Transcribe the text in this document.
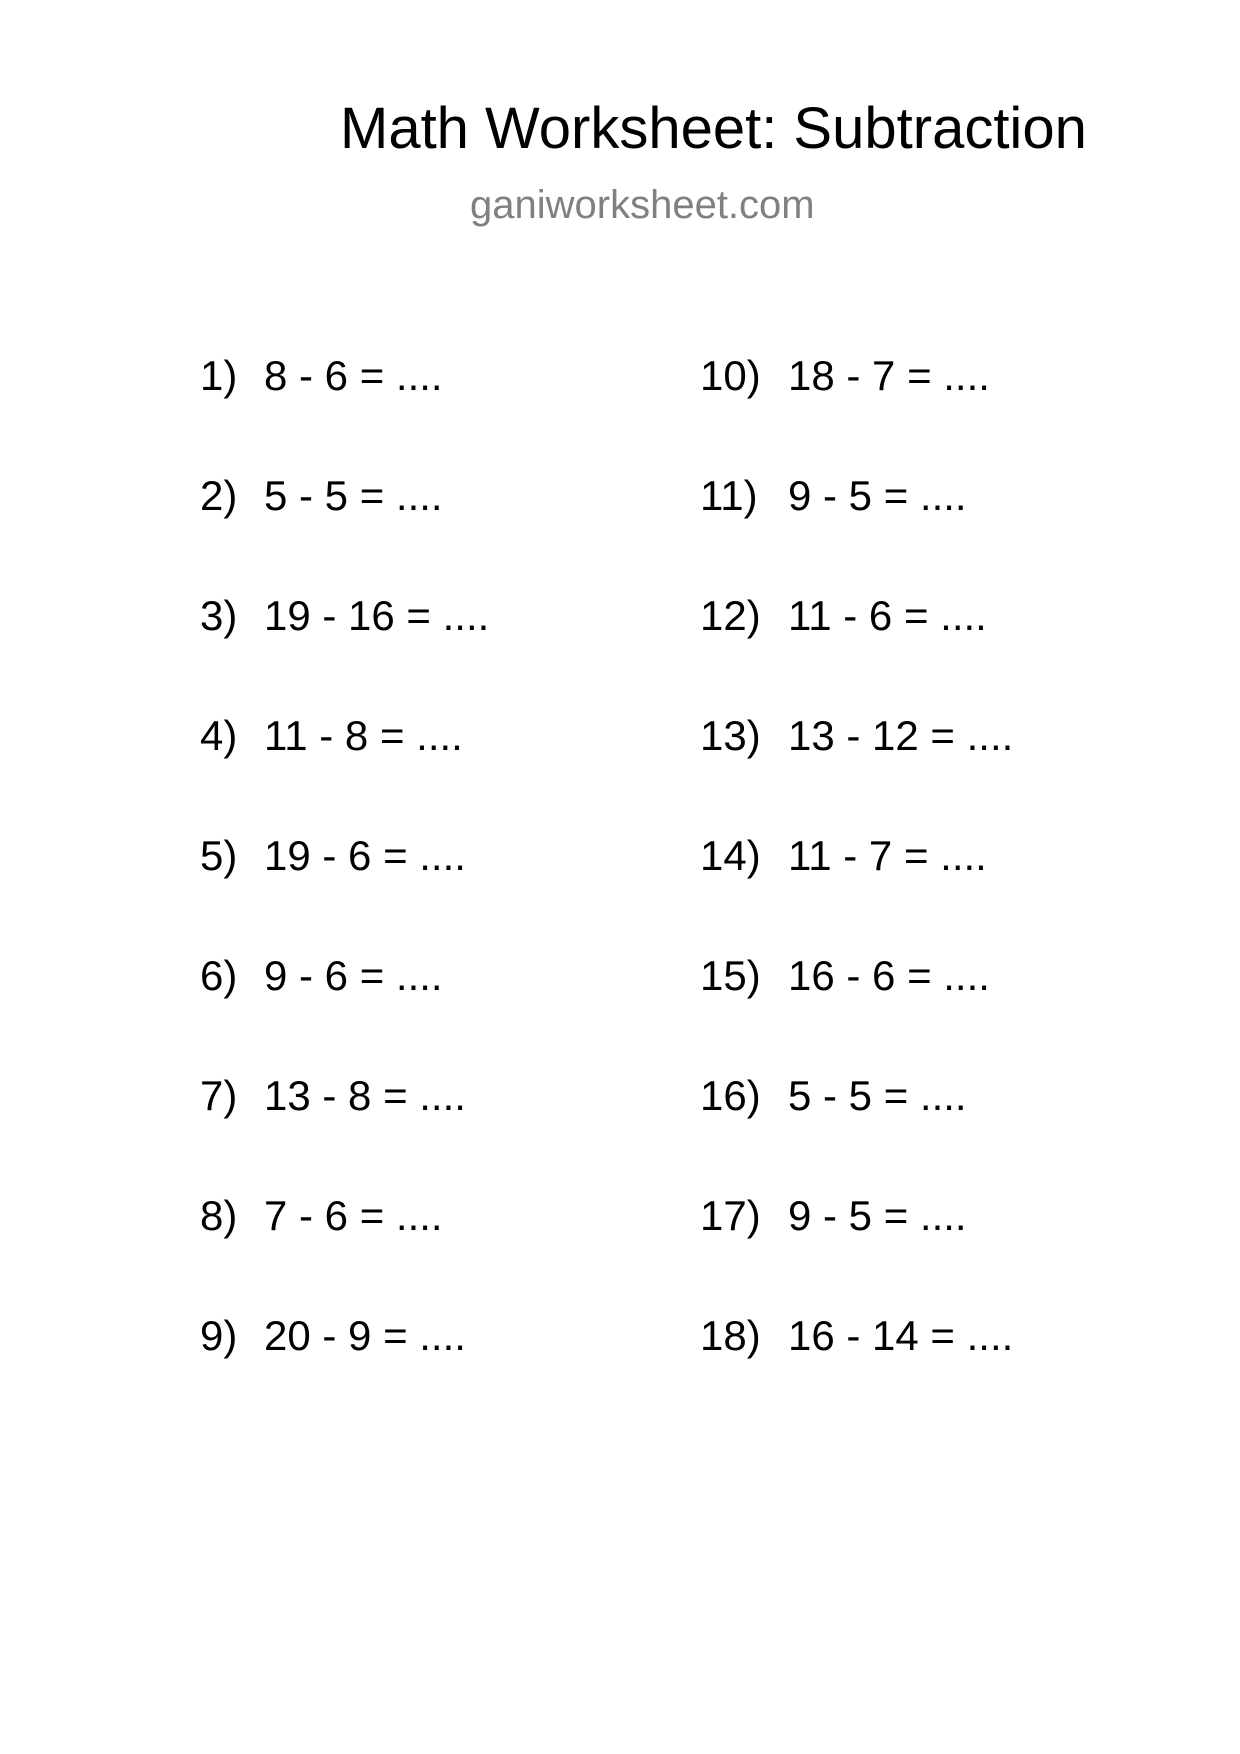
Math Worksheet: Subtraction
ganiworksheet.com
1) 8 - 6 = ....
2) 5 - 5 = ....
3) 19 - 16 = ....
4) 11 - 8 = ....
5) 19 - 6 = ....
6) 9 - 6 = ....
7) 13 - 8 = ....
8) 7 - 6 = ....
9) 20 - 9 = ....
10) 18 - 7 = ....
11) 9 - 5 = ....
12) 11 - 6 = ....
13) 13 - 12 = ....
14) 11 - 7 = ....
15) 16 - 6 = ....
16) 5 - 5 = ....
17) 9 - 5 = ....
18) 16 - 14 = ....
